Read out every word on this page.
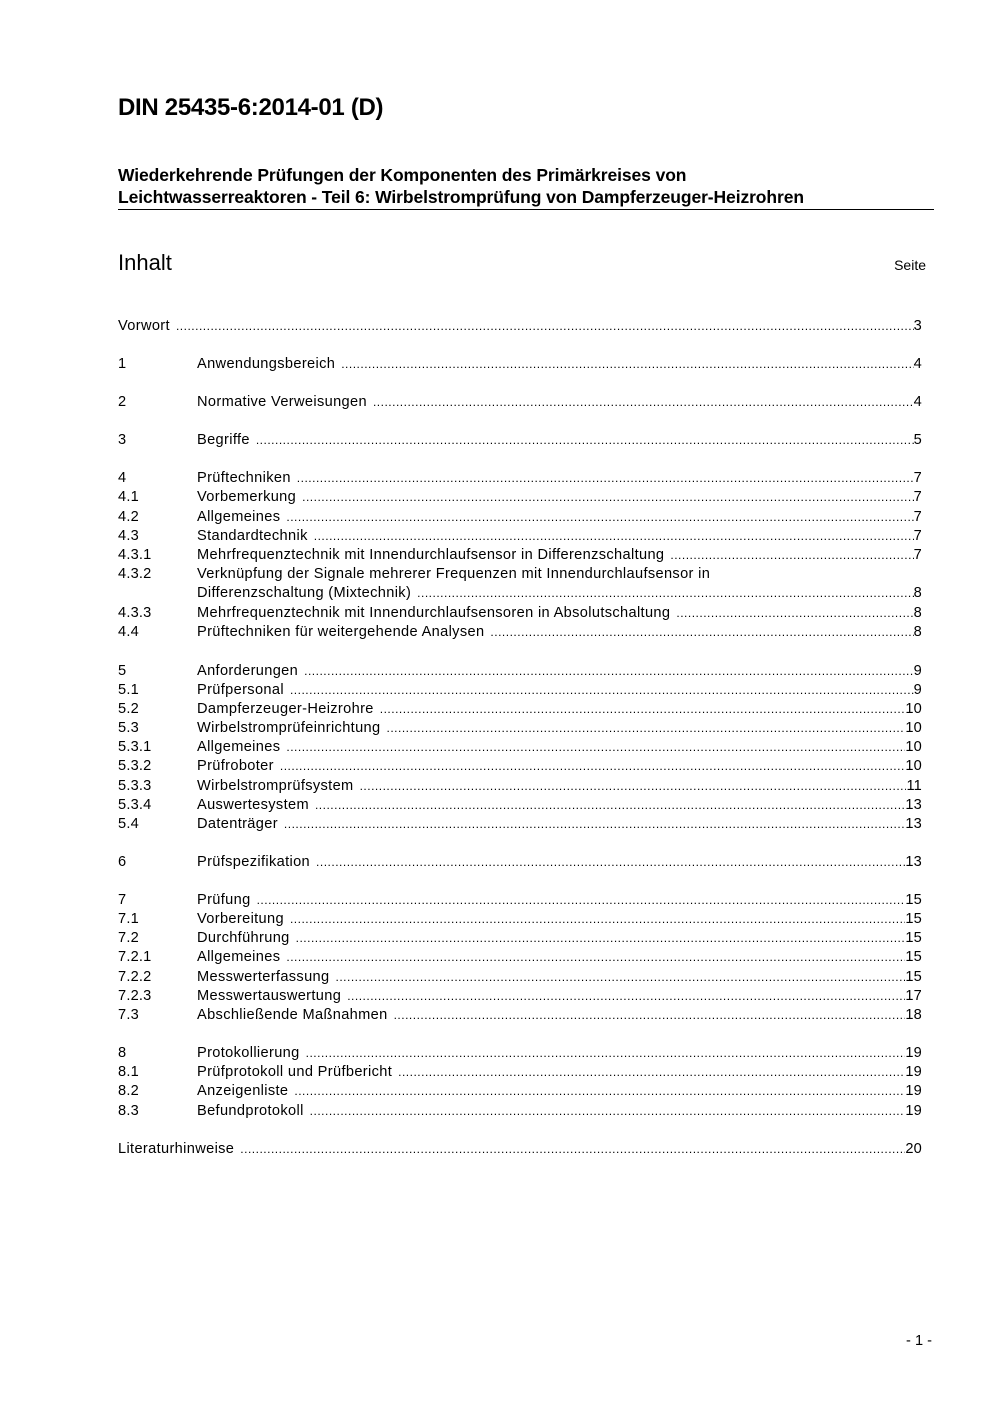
DIN 25435-6:2014-01 (D)
Wiederkehrende Prüfungen der Komponenten des Primärkreises von
Leichtwasserreaktoren - Teil 6: Wirbelstromprüfung von Dampferzeuger-Heizrohren
Inhalt	Seite
Vorwort .....	3
1	Anwendungsbereich .....	4
2	Normative Verweisungen .....	4
3	Begriffe .....	5
4	Prüftechniken .....	7
4.1	Vorbemerkung .....	7
4.2	Allgemeines .....	7
4.3	Standardtechnik .....	7
4.3.1	Mehrfrequenztechnik mit Innendurchlaufsensor in Differenzschaltung .....	7
4.3.2	Verknüpfung der Signale mehrerer Frequenzen mit Innendurchlaufsensor in
Differenzschaltung (Mixtechnik) .....	8
4.3.3	Mehrfrequenztechnik mit Innendurchlaufsensoren in Absolutschaltung .....	8
4.4	Prüftechniken für weitergehende Analysen .....	8
5	Anforderungen .....	9
5.1	Prüfpersonal .....	9
5.2	Dampferzeuger-Heizrohre .....	10
5.3	Wirbelstromprüfeinrichtung .....	10
5.3.1	Allgemeines .....	10
5.3.2	Prüfroboter .....	10
5.3.3	Wirbelstromprüfsystem .....	11
5.3.4	Auswertesystem .....	13
5.4	Datenträger .....	13
6	Prüfspezifikation .....	13
7	Prüfung .....	15
7.1	Vorbereitung .....	15
7.2	Durchführung .....	15
7.2.1	Allgemeines .....	15
7.2.2	Messwerterfassung .....	15
7.2.3	Messwertauswertung .....	17
7.3	Abschließende Maßnahmen .....	18
8	Protokollierung .....	19
8.1	Prüfprotokoll und Prüfbericht .....	19
8.2	Anzeigenliste .....	19
8.3	Befundprotokoll .....	19
Literaturhinweise .....	20
- 1 -
